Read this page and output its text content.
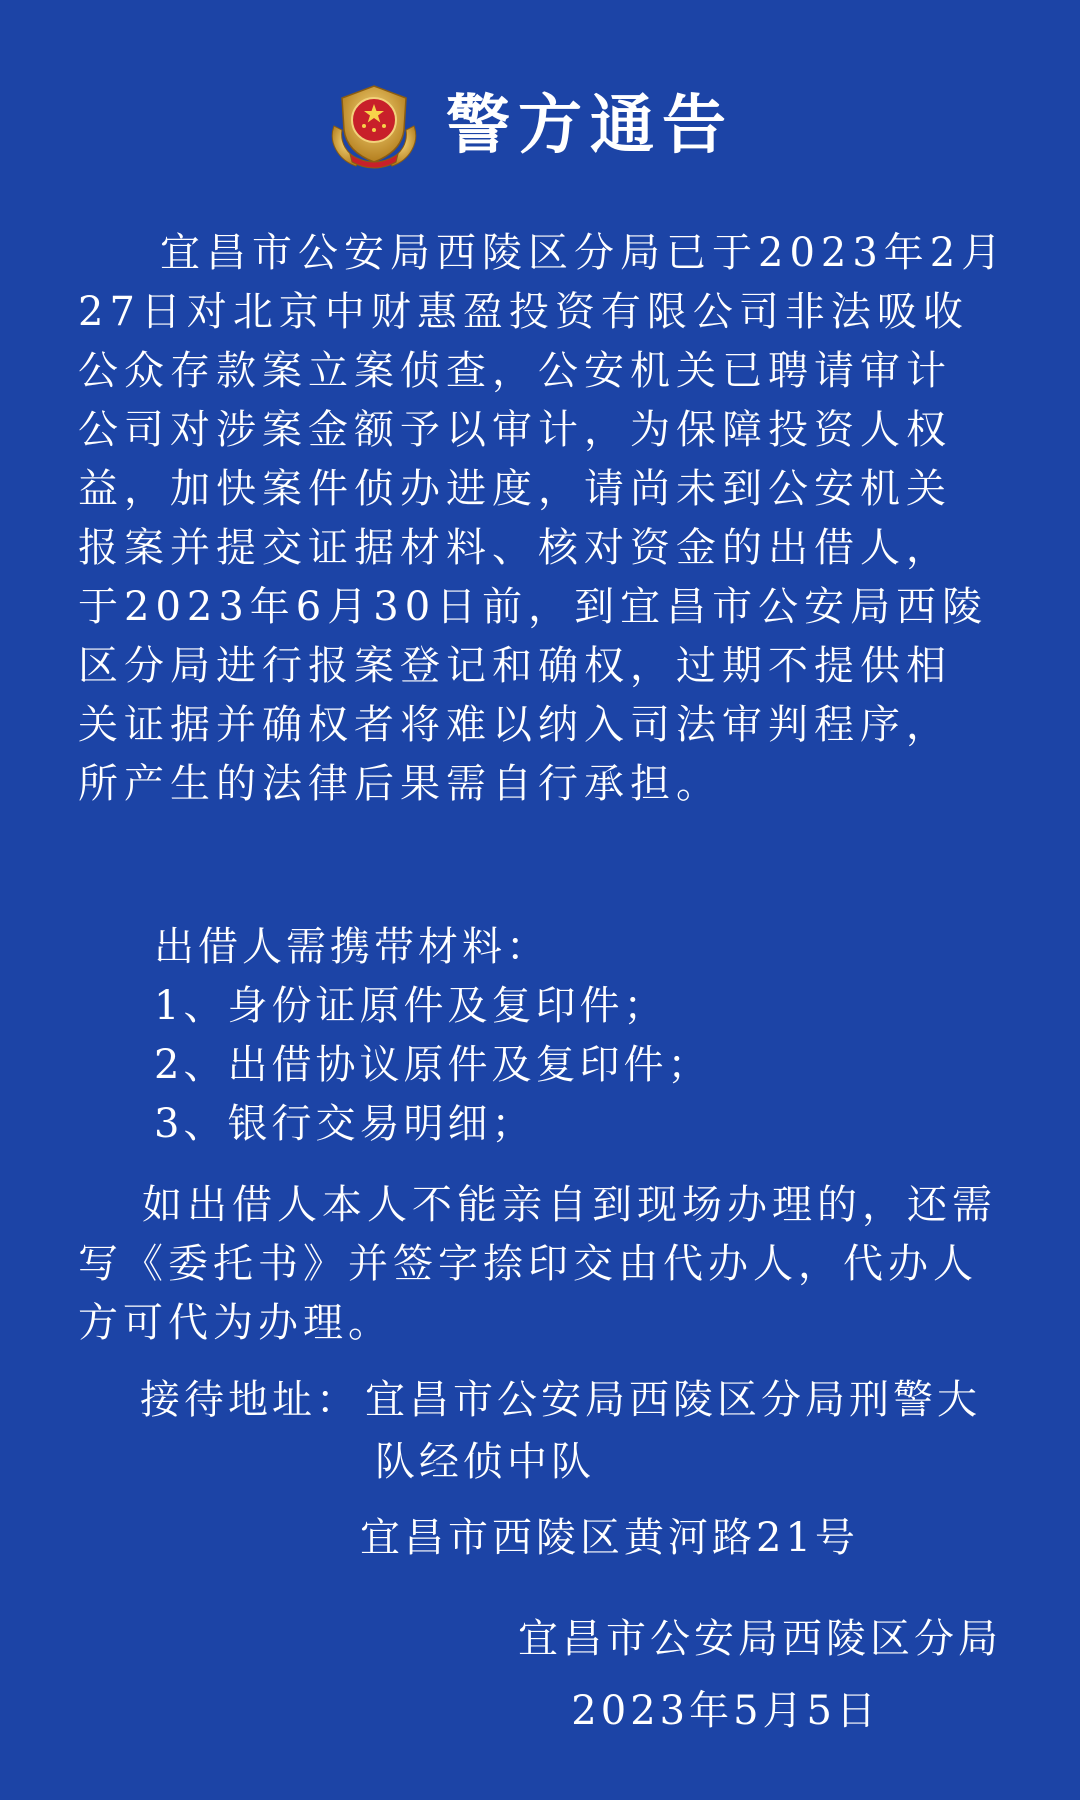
警方通告
宜昌市公安局西陵区分局已于2023年2月
27日对北京中财惠盈投资有限公司非法吸收
公众存款案立案侦查，公安机关已聘请审计
公司对涉案金额予以审计，为保障投资人权
益，加快案件侦办进度，请尚未到公安机关
报案并提交证据材料、核对资金的出借人，
于2023年6月30日前，到宜昌市公安局西陵
区分局进行报案登记和确权，过期不提供相
关证据并确权者将难以纳入司法审判程序，
所产生的法律后果需自行承担。
出借人需携带材料：
1、身份证原件及复印件；
2、出借协议原件及复印件；
3、银行交易明细；
如出借人本人不能亲自到现场办理的，还需
写《委托书》并签字捺印交由代办人，代办人
方可代为办理。
接待地址： 宜昌市公安局西陵区分局刑警大
队经侦中队
宜昌市西陵区黄河路21号
宜昌市公安局西陵区分局
2023年5月5日
